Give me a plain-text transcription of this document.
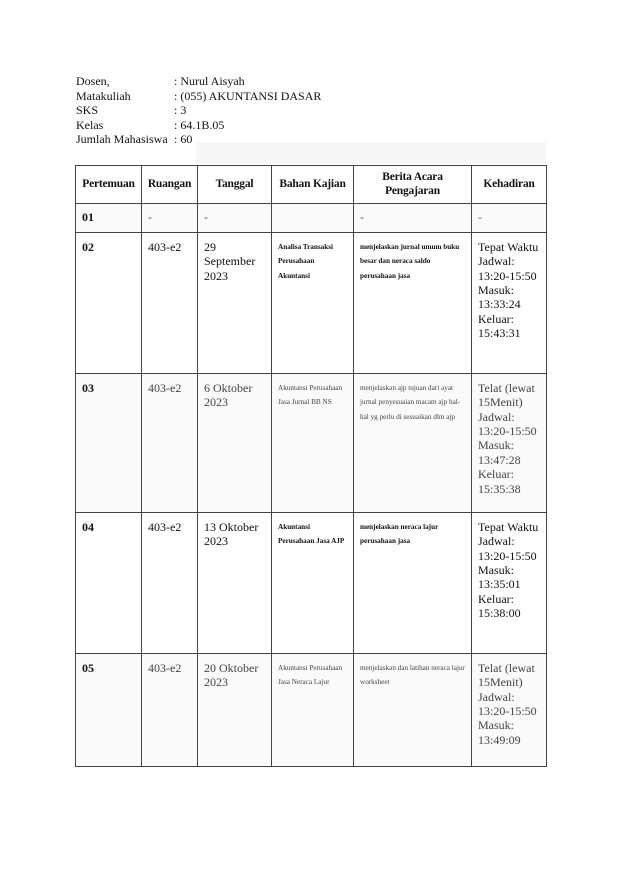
Dosen,	: Nurul Aisyah
Matakuliah	: (055) AKUNTANSI DASAR
SKS	: 3
Kelas	: 64.1B.05
Jumlah Mahasiswa : 60
Pertemuan	Ruangan	Tanggal	Bahan Kajian	Berita Acara Pengajaran	Kehadiran
01	-	-		-	-
02	403-e2	29 September 2023	Analisa Transaksi Perusahaan Akuntansi	menjelaskan jurnal umum buku besar dan neraca saldo perusahaan jasa	Tepat Waktu Jadwal: 13:20-15:50 Masuk: 13:33:24 Keluar: 15:43:31
03	403-e2	6 Oktober 2023	Akuntansi Perusahaan Jasa Jurnal BB NS	menjelaskan ajp tujuan dari ayat jurnal penyesuaian macam ajp hal-hal yg perlu di sesuaikan dlm ajp	Telat (lewat 15Menit) Jadwal: 13:20-15:50 Masuk: 13:47:28 Keluar: 15:35:38
04	403-e2	13 Oktober 2023	Akuntansi Perusahaan Jasa AJP	menjelaskan neraca lajur perusahaan jasa	Tepat Waktu Jadwal: 13:20-15:50 Masuk: 13:35:01 Keluar: 15:38:00
05	403-e2	20 Oktober 2023	Akuntansi Perusahaan Jasa Neraca Lajur	menjelaskan dan latihan neraca lajur worksheet	Telat (lewat 15Menit) Jadwal: 13:20-15:50 Masuk: 13:49:09
